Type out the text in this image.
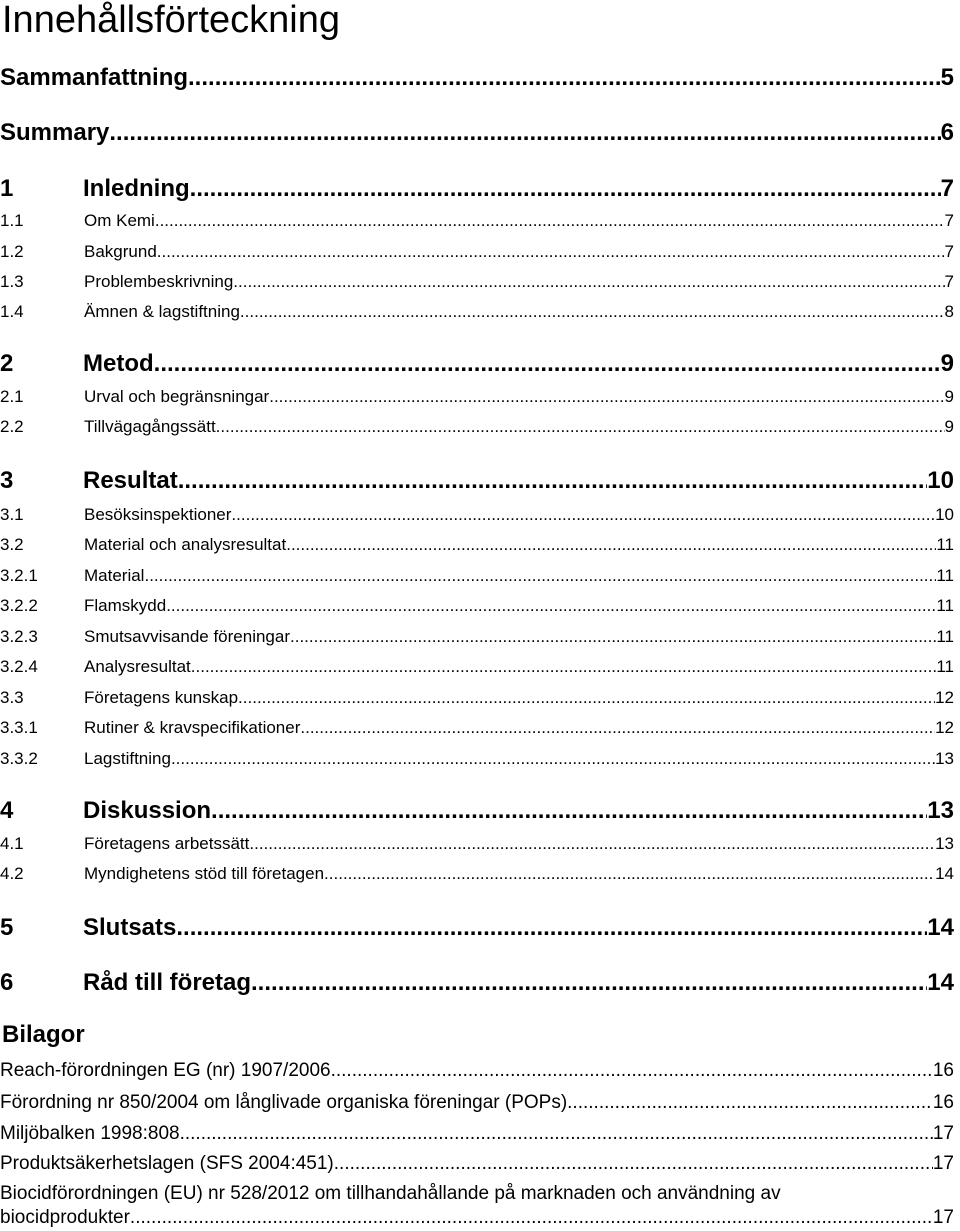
Innehållsförteckning
Sammanfattning .....	5
Summary .....	6
1	Inledning .....	7
1.1	Om Kemi .....	7
1.2	Bakgrund .....	7
1.3	Problembeskrivning .....	7
1.4	Ämnen & lagstiftning .....	8
2	Metod .....	9
2.1	Urval och begränsningar .....	9
2.2	Tillvägagångssätt .....	9
3	Resultat .....	10
3.1	Besöksinspektioner .....	10
3.2	Material och analysresultat .....	11
3.2.1	Material .....	11
3.2.2	Flamskydd .....	11
3.2.3	Smutsavvisande föreningar .....	11
3.2.4	Analysresultat .....	11
3.3	Företagens kunskap .....	12
3.3.1	Rutiner & kravspecifikationer .....	12
3.3.2	Lagstiftning .....	13
4	Diskussion .....	13
4.1	Företagens arbetssätt .....	13
4.2	Myndighetens stöd till företagen .....	14
5	Slutsats .....	14
6	Råd till företag .....	14
Bilagor
Reach-förordningen EG (nr) 1907/2006 .....	16
Förordning nr 850/2004 om långlivade organiska föreningar (POPs) .....	16
Miljöbalken 1998:808 .....	17
Produktsäkerhetslagen (SFS 2004:451) .....	17
Biocidförordningen (EU) nr 528/2012 om tillhandahållande på marknaden och användning av
biocidprodukter .....	17
